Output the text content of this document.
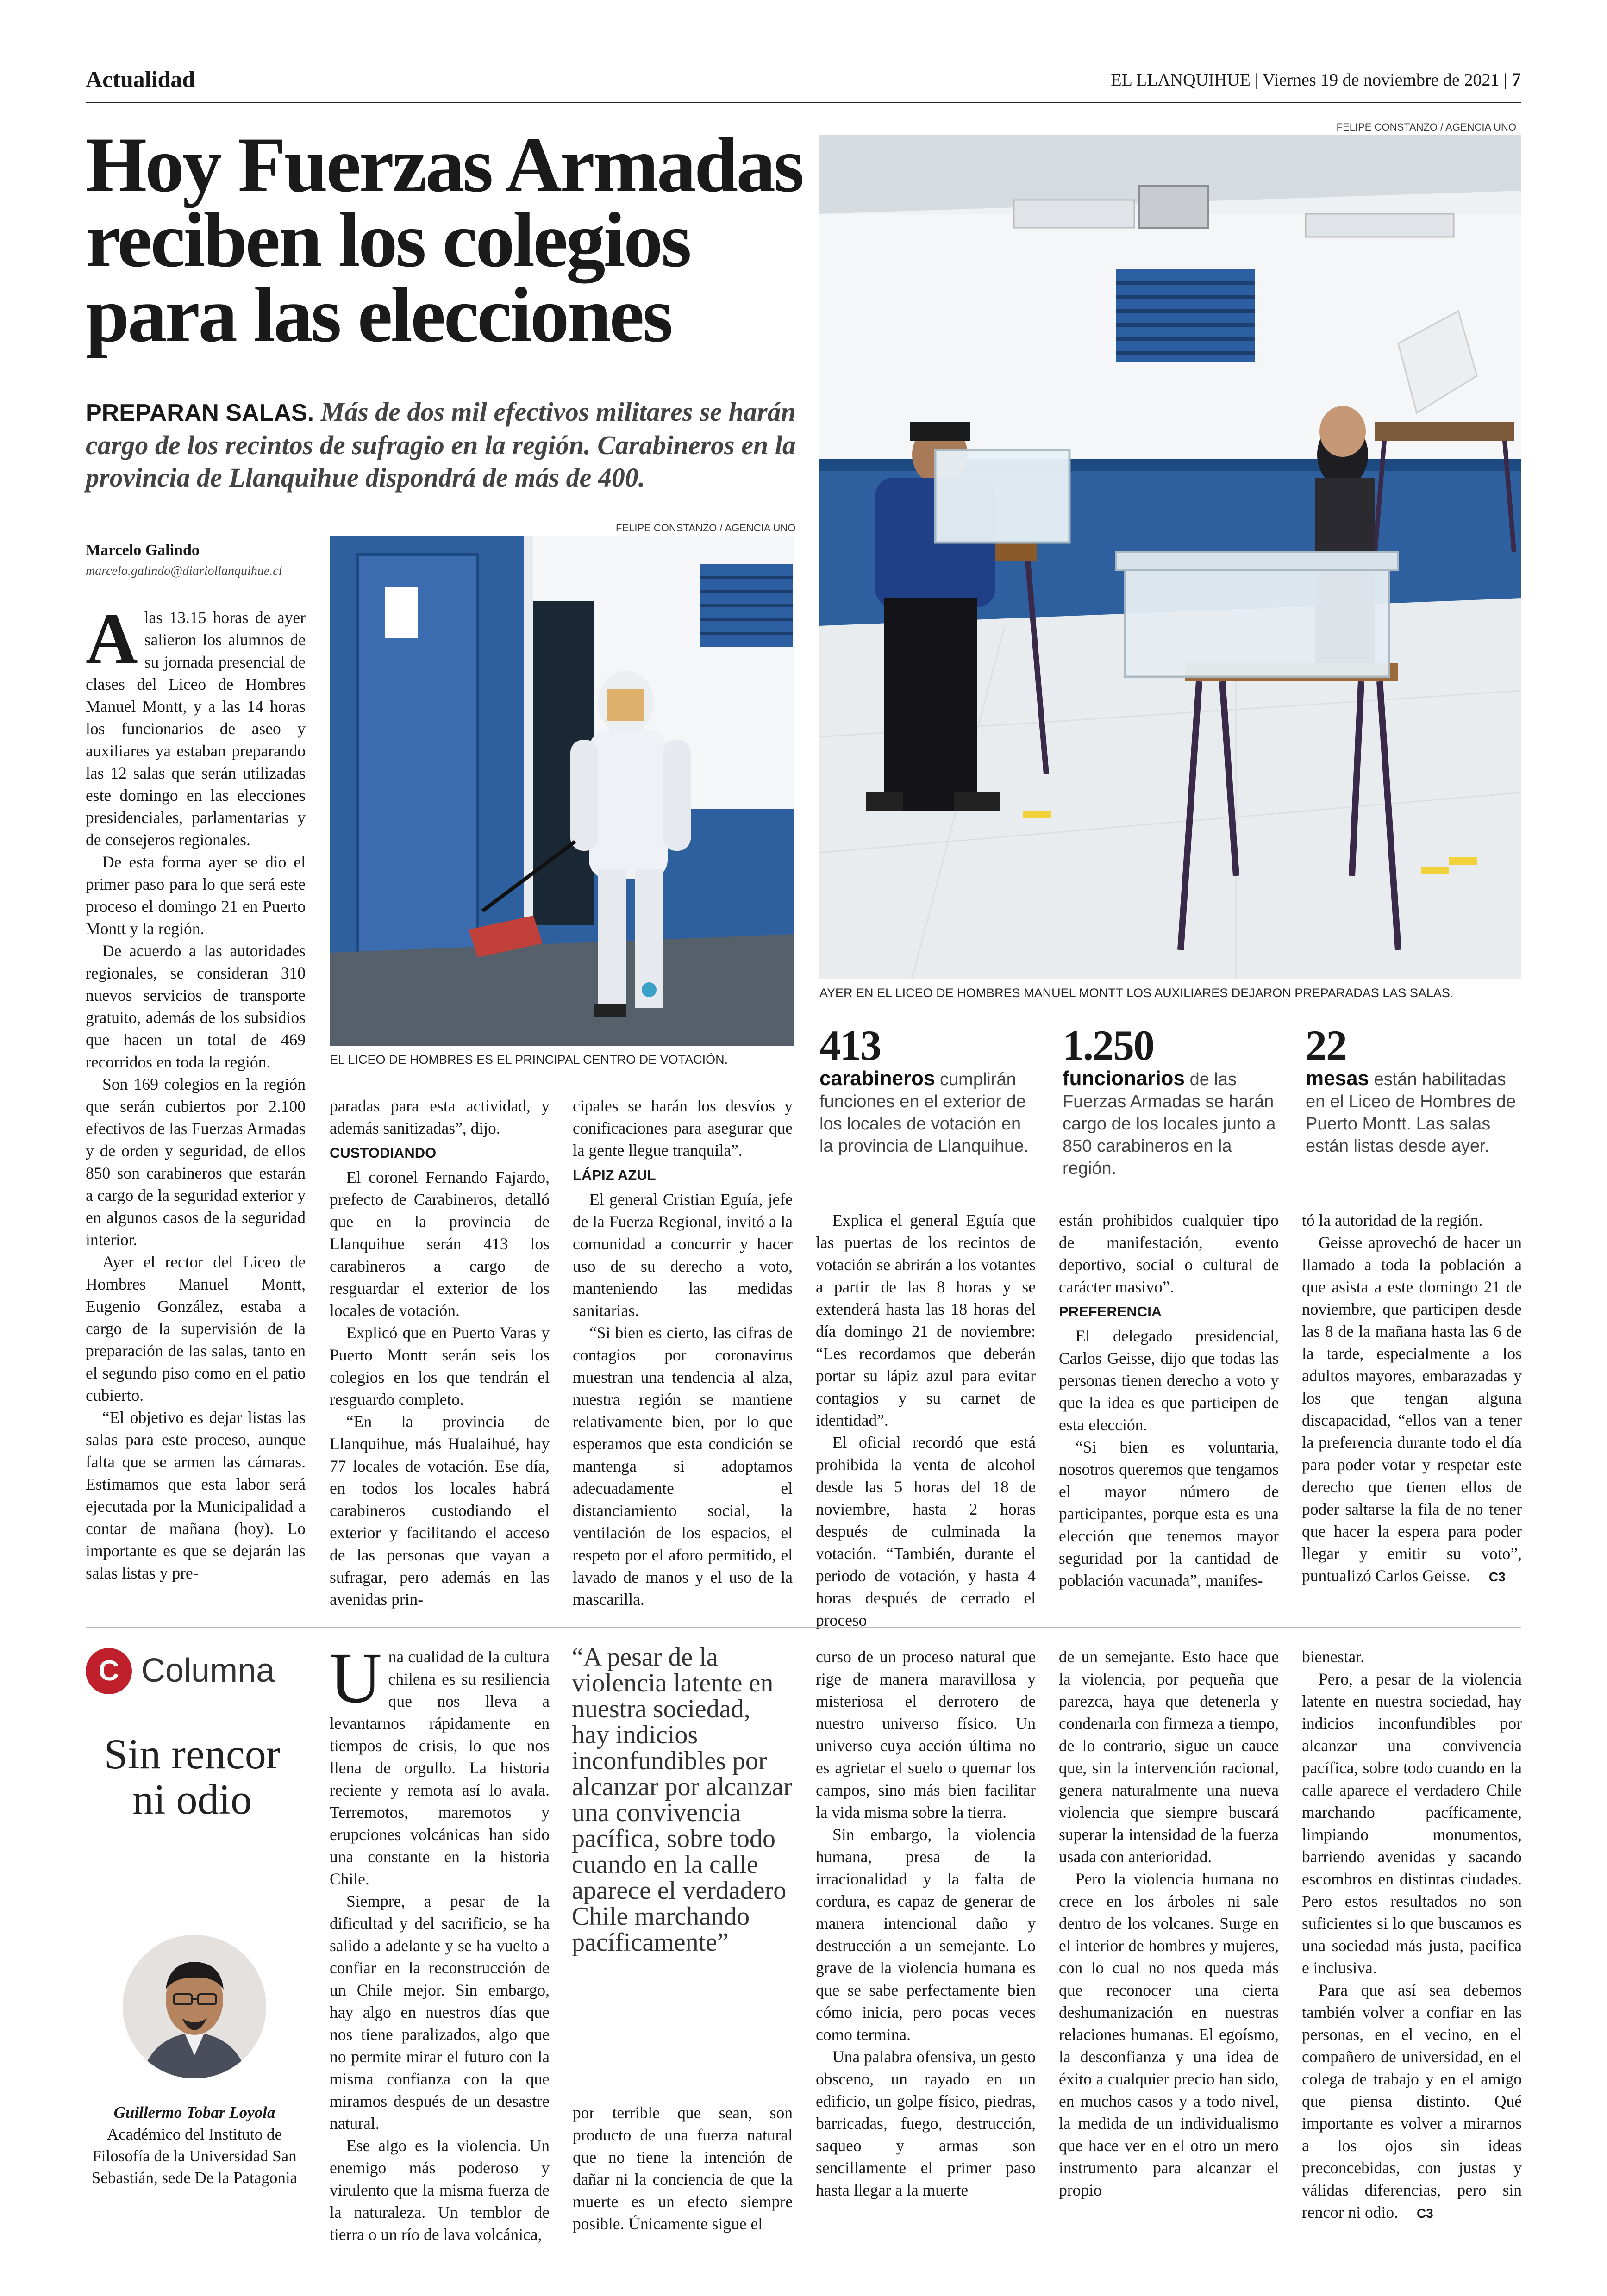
Actualidad	EL LLANQUIHUE | Viernes 19 de noviembre de 2021 | 7
Hoy Fuerzas Armadas reciben los colegios para las elecciones
PREPARAN SALAS. Más de dos mil efectivos militares se harán cargo de los recintos de sufragio en la región. Carabineros en la provincia de Llanquihue dispondrá de más de 400.
Marcelo Galindo
marcelo.galindo@diariollanquihue.cl
FELIPE CONSTANZO / AGENCIA UNO
AYER EN EL LICEO DE HOMBRES MANUEL MONTT LOS AUXILIARES DEJARON PREPARADAS LAS SALAS.
FELIPE CONSTANZO / AGENCIA UNO
EL LICEO DE HOMBRES ES EL PRINCIPAL CENTRO DE VOTACIÓN.	413
carabineros cumplirán funciones en el exterior de los locales de votación en la provincia de Llanquihue.
1.250
funcionarios de las Fuerzas Armadas se harán cargo de los locales junto a 850 carabineros en la región.
22
mesas están habilitadas en el Liceo de Hombres de Puerto Montt. Las salas están listas desde ayer.

Alas 13.15 horas de ayer salieron los alumnos de su jornada presencial de clases del Liceo de Hombres Manuel Montt, y a las 14 horas los funcionarios de aseo y auxiliares ya estaban preparando las 12 salas que serán utilizadas este domingo en las elecciones presidenciales, parlamentarias y de consejeros regionales.

De esta forma ayer se dio el primer paso para lo que será este proceso el domingo 21 en Puerto Montt y la región.

De acuerdo a las autoridades regionales, se consideran 310 nuevos servicios de transporte gratuito, además de los subsidios que hacen un total de 469 recorridos en toda la región.

Son 169 colegios en la región que serán cubiertos por 2.100 efectivos de las Fuerzas Armadas y de orden y seguridad, de ellos 850 son carabineros que estarán a cargo de la seguridad exterior y en algunos casos de la seguridad interior.

Ayer el rector del Liceo de Hombres Manuel Montt, Eugenio González, estaba a cargo de la supervisión de la preparación de las salas, tanto en el segundo piso como en el patio cubierto.

“El objetivo es dejar listas las salas para este proceso, aunque falta que se armen las cámaras. Estimamos que esta labor será ejecutada por la Municipalidad a contar de mañana (hoy). Lo importante es que se dejarán las salas listas y pre-

paradas para esta actividad, y además sanitizadas”, dijo.

CUSTODIANDO

El coronel Fernando Fajardo, prefecto de Carabineros, detalló que en la provincia de Llanquihue serán 413 los carabineros a cargo de resguardar el exterior de los locales de votación.

Explicó que en Puerto Varas y Puerto Montt serán seis los colegios en los que tendrán el resguardo completo.

“En la provincia de Llanquihue, más Hualaihué, hay 77 locales de votación. Ese día, en todos los locales habrá carabineros custodiando el exterior y facilitando el acceso de las personas que vayan a sufragar, pero además en las avenidas prin-

cipales se harán los desvíos y conificaciones para asegurar que la gente llegue tranquila”.

LÁPIZ AZUL

El general Cristian Eguía, jefe de la Fuerza Regional, invitó a la comunidad a concurrir y hacer uso de su derecho a voto, manteniendo las medidas sanitarias.

“Si bien es cierto, las cifras de contagios por coronavirus muestran una tendencia al alza, nuestra región se mantiene relativamente bien, por lo que esperamos que esta condición se mantenga si adoptamos adecuadamente el distanciamiento social, la ventilación de los espacios, el respeto por el aforo permitido, el lavado de manos y el uso de la mascarilla.

Explica el general Eguía que las puertas de los recintos de votación se abrirán a los votantes a partir de las 8 horas y se extenderá hasta las 18 horas del día domingo 21 de noviembre: “Les recordamos que deberán portar su lápiz azul para evitar contagios y su carnet de identidad”.

El oficial recordó que está prohibida la venta de alcohol desde las 5 horas del 18 de noviembre, hasta 2 horas después de culminada la votación. “También, durante el periodo de votación, y hasta 4 horas después de cerrado el proceso

están prohibidos cualquier tipo de manifestación, evento deportivo, social o cultural de carácter masivo”.

PREFERENCIA

El delegado presidencial, Carlos Geisse, dijo que todas las personas tienen derecho a voto y que la idea es que participen de esta elección.

“Si bien es voluntaria, nosotros queremos que tengamos el mayor número de participantes, porque esta es una elección que tenemos mayor seguridad por la cantidad de población vacunada”, manifes-

tó la autoridad de la región.

Geisse aprovechó de hacer un llamado a toda la población a que asista a este domingo 21 de noviembre, que participen desde las 8 de la mañana hasta las 6 de la tarde, especialmente a los adultos mayores, embarazadas y los que tengan alguna discapacidad, “ellos van a tener la preferencia durante todo el día para poder votar y respetar este derecho que tienen ellos de poder saltarse la fila de no tener que hacer la espera para poder llegar y emitir su voto”, puntualizó Carlos Geisse. C3

C Columna
Sin rencor ni odio
Guillermo Tobar Loyola
Académico del Instituto de Filosofía de la Universidad San Sebastián, sede De la Patagonia

Una cualidad de la cultura chilena es su resiliencia que nos lleva a levantarnos rápidamente en tiempos de crisis, lo que nos llena de orgullo. La historia reciente y remota así lo avala. Terremotos, maremotos y erupciones volcánicas han sido una constante en la historia Chile.

Siempre, a pesar de la dificultad y del sacrificio, se ha salido a adelante y se ha vuelto a confiar en la reconstrucción de un Chile mejor. Sin embargo, hay algo en nuestros días que nos tiene paralizados, algo que no permite mirar el futuro con la misma confianza con la que miramos después de un desastre natural.

Ese algo es la violencia. Un enemigo más poderoso y virulento que la misma fuerza de la naturaleza. Un temblor de tierra o un río de lava volcánica,

“A pesar de la violencia latente en nuestra sociedad, hay indicios inconfundibles por alcanzar por alcanzar una convivencia pacífica, sobre todo cuando en la calle aparece el verdadero Chile marchando pacíficamente”

por terrible que sean, son producto de una fuerza natural que no tiene la intención de dañar ni la conciencia de que la muerte es un efecto siempre posible. Únicamente sigue el

curso de un proceso natural que rige de manera maravillosa y misteriosa el derrotero de nuestro universo físico. Un universo cuya acción última no es agrietar el suelo o quemar los campos, sino más bien facilitar la vida misma sobre la tierra.

Sin embargo, la violencia humana, presa de la irracionalidad y la falta de cordura, es capaz de generar de manera intencional daño y destrucción a un semejante. Lo grave de la violencia humana es que se sabe perfectamente bien cómo inicia, pero pocas veces como termina.

Una palabra ofensiva, un gesto obsceno, un rayado en un edificio, un golpe físico, piedras, barricadas, fuego, destrucción, saqueo y armas son sencillamente el primer paso hasta llegar a la muerte

de un semejante. Esto hace que la violencia, por pequeña que parezca, haya que detenerla y condenarla con firmeza a tiempo, de lo contrario, sigue un cauce que, sin la intervención racional, genera naturalmente una nueva violencia que siempre buscará superar la intensidad de la fuerza usada con anterioridad.

Pero la violencia humana no crece en los árboles ni sale dentro de los volcanes. Surge en el interior de hombres y mujeres, con lo cual no nos queda más que reconocer una cierta deshumanización en nuestras relaciones humanas. El egoísmo, la desconfianza y una idea de éxito a cualquier precio han sido, en muchos casos y a todo nivel, la medida de un individualismo que hace ver en el otro un mero instrumento para alcanzar el propio

bienestar.

Pero, a pesar de la violencia latente en nuestra sociedad, hay indicios inconfundibles por alcanzar una convivencia pacífica, sobre todo cuando en la calle aparece el verdadero Chile marchando pacíficamente, limpiando monumentos, barriendo avenidas y sacando escombros en distintas ciudades. Pero estos resultados no son suficientes si lo que buscamos es una sociedad más justa, pacífica e inclusiva.

Para que así sea debemos también volver a confiar en las personas, en el vecino, en el compañero de universidad, en el colega de trabajo y en el amigo que piensa distinto. Qué importante es volver a mirarnos a los ojos sin ideas preconcebidas, con justas y válidas diferencias, pero sin rencor ni odio. C3
